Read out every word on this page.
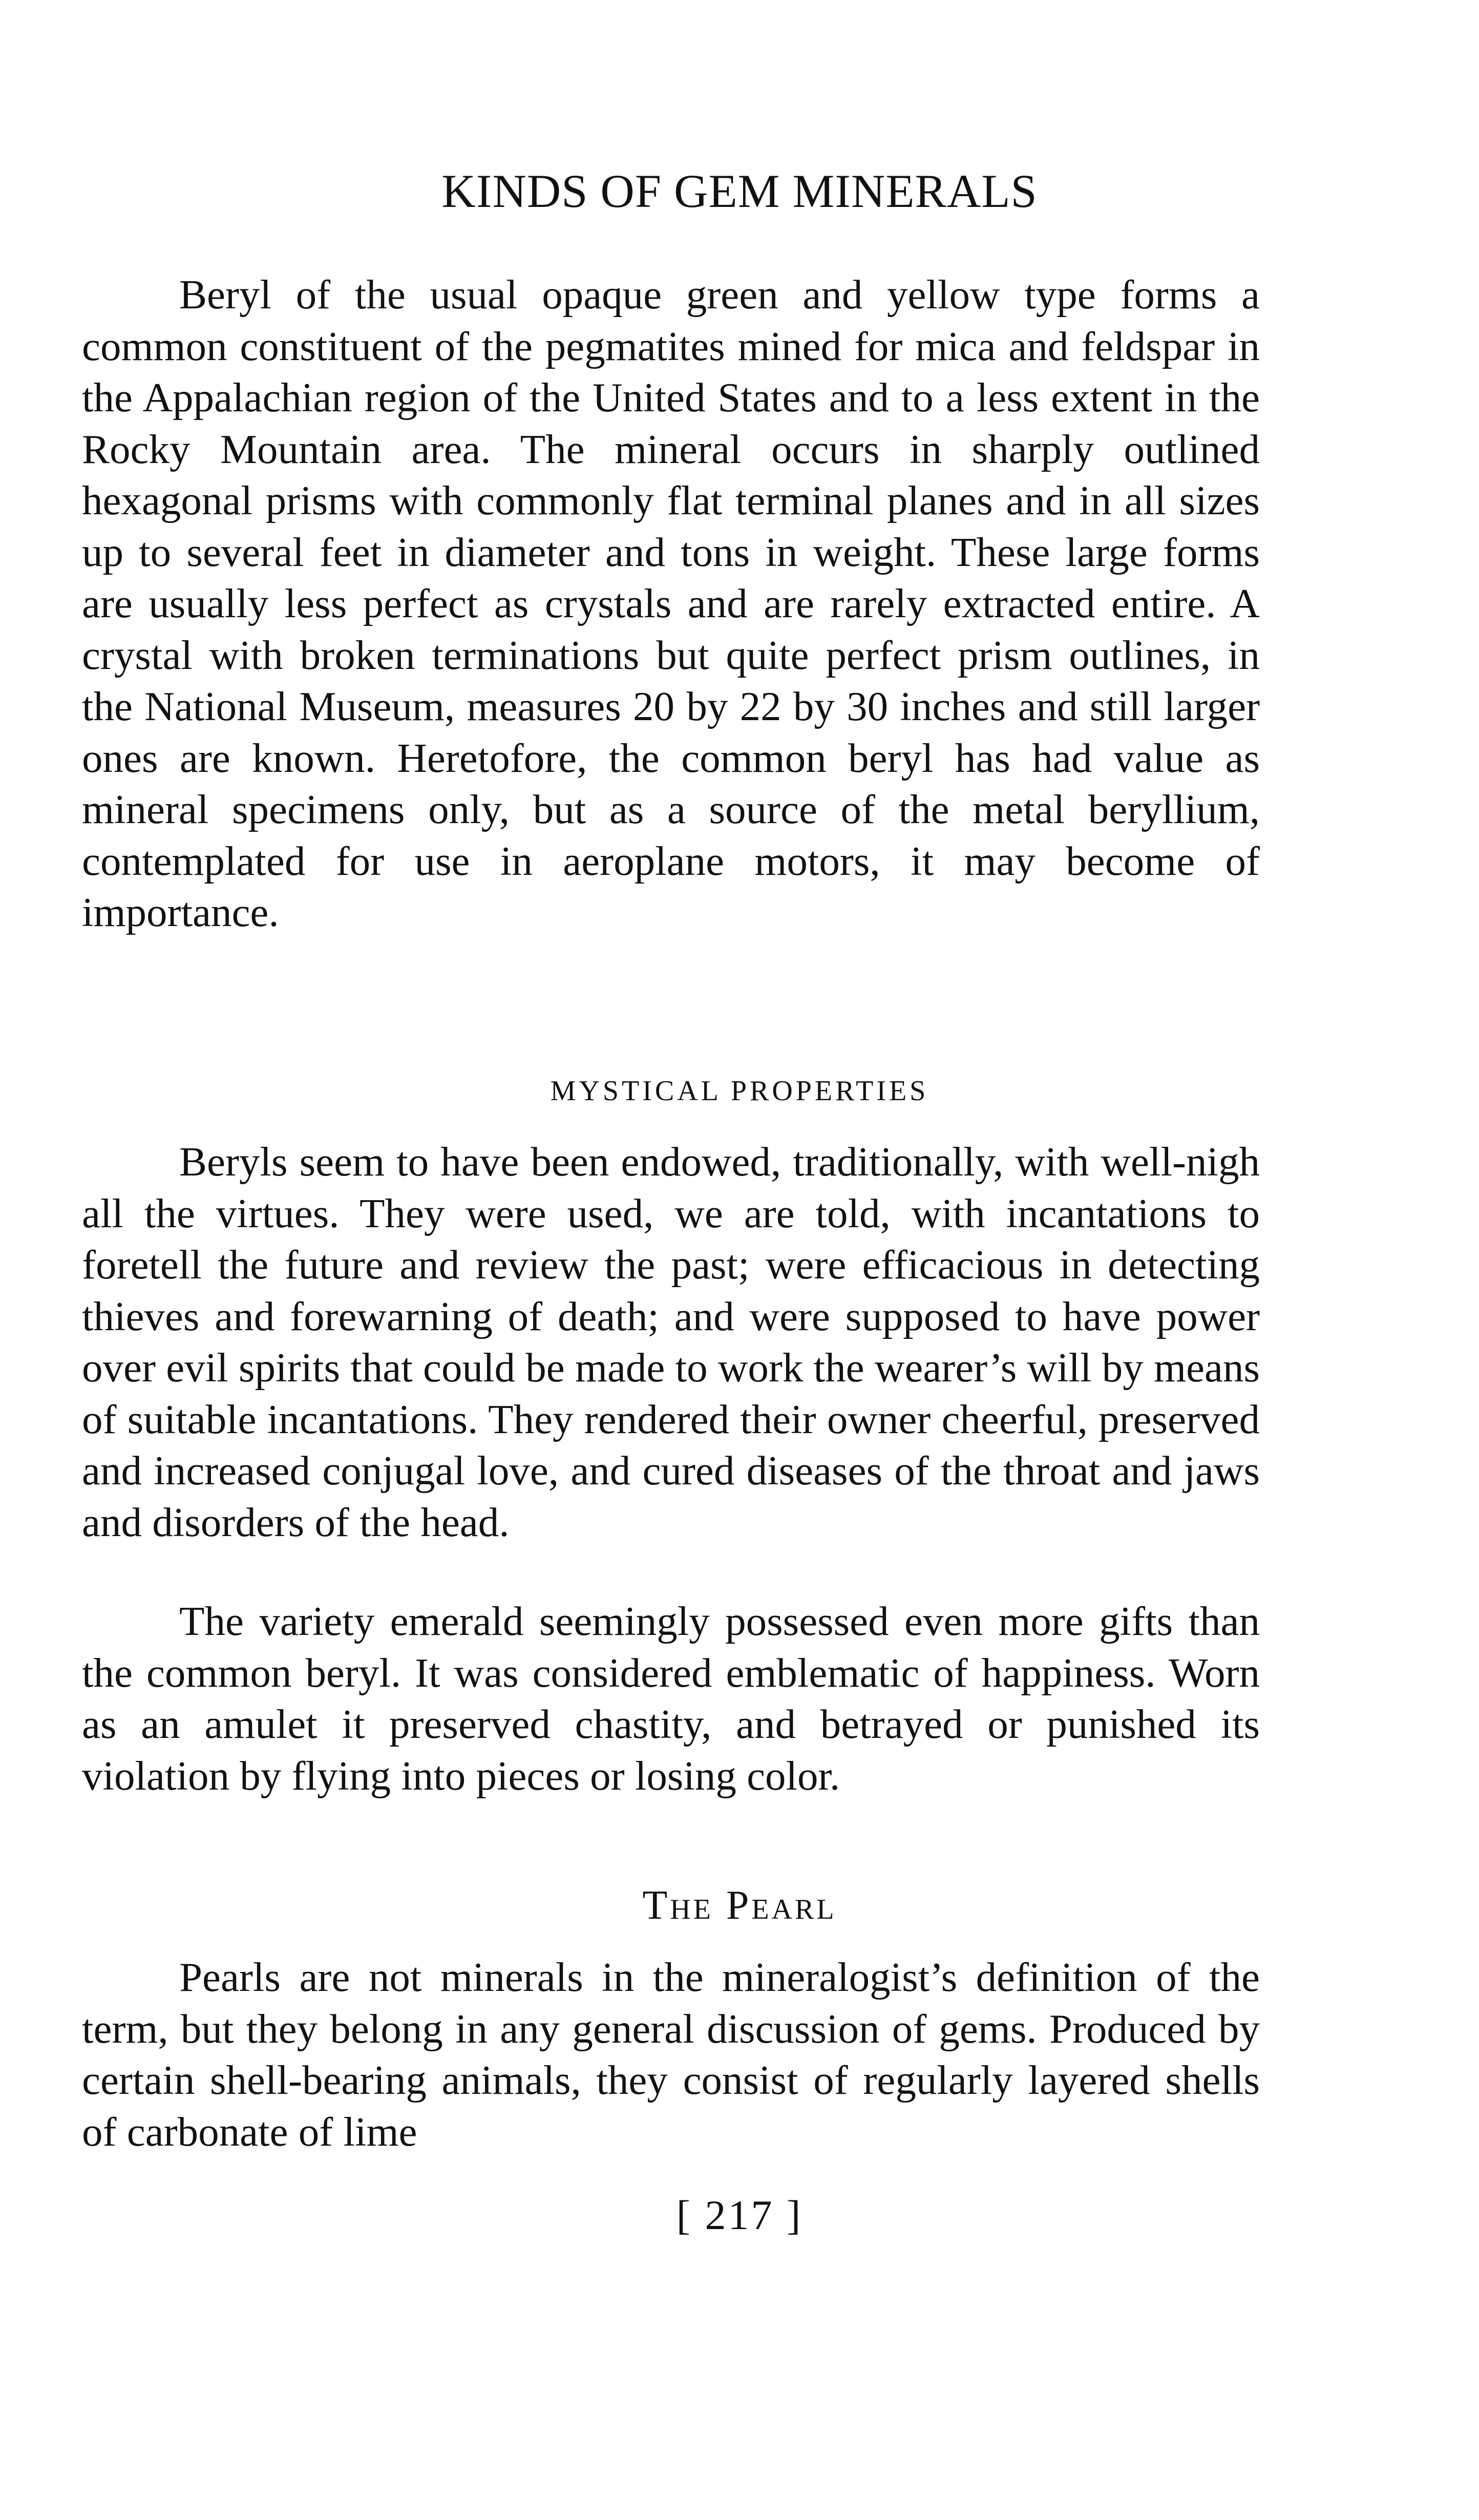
KINDS OF GEM MINERALS

Beryl of the usual opaque green and yellow type forms a common constituent of the pegmatites mined for mica and feldspar in the Appalachian region of the United States and to a less extent in the Rocky Mountain area. The mineral occurs in sharply outlined hexagonal prisms with commonly flat terminal planes and in all sizes up to several feet in diameter and tons in weight. These large forms are usually less perfect as crystals and are rarely extracted entire. A crystal with broken terminations but quite perfect prism outlines, in the National Museum, measures 20 by 22 by 30 inches and still larger ones are known. Heretofore, the common beryl has had value as mineral specimens only, but as a source of the metal beryllium, contemplated for use in aeroplane motors, it may become of importance.

MYSTICAL PROPERTIES

Beryls seem to have been endowed, traditionally, with well-nigh all the virtues. They were used, we are told, with incantations to foretell the future and review the past; were efficacious in detecting thieves and forewarning of death; and were supposed to have power over evil spirits that could be made to work the wearer’s will by means of suitable incantations. They rendered their owner cheerful, preserved and increased conjugal love, and cured diseases of the throat and jaws and disorders of the head.

The variety emerald seemingly possessed even more gifts than the common beryl. It was considered emblematic of happiness. Worn as an amulet it preserved chastity, and betrayed or punished its violation by flying into pieces or losing color.

The Pearl

Pearls are not minerals in the mineralogist’s definition of the term, but they belong in any general discussion of gems. Produced by certain shell-bearing animals, they consist of regularly layered shells of carbonate of lime

[ 217 ]
